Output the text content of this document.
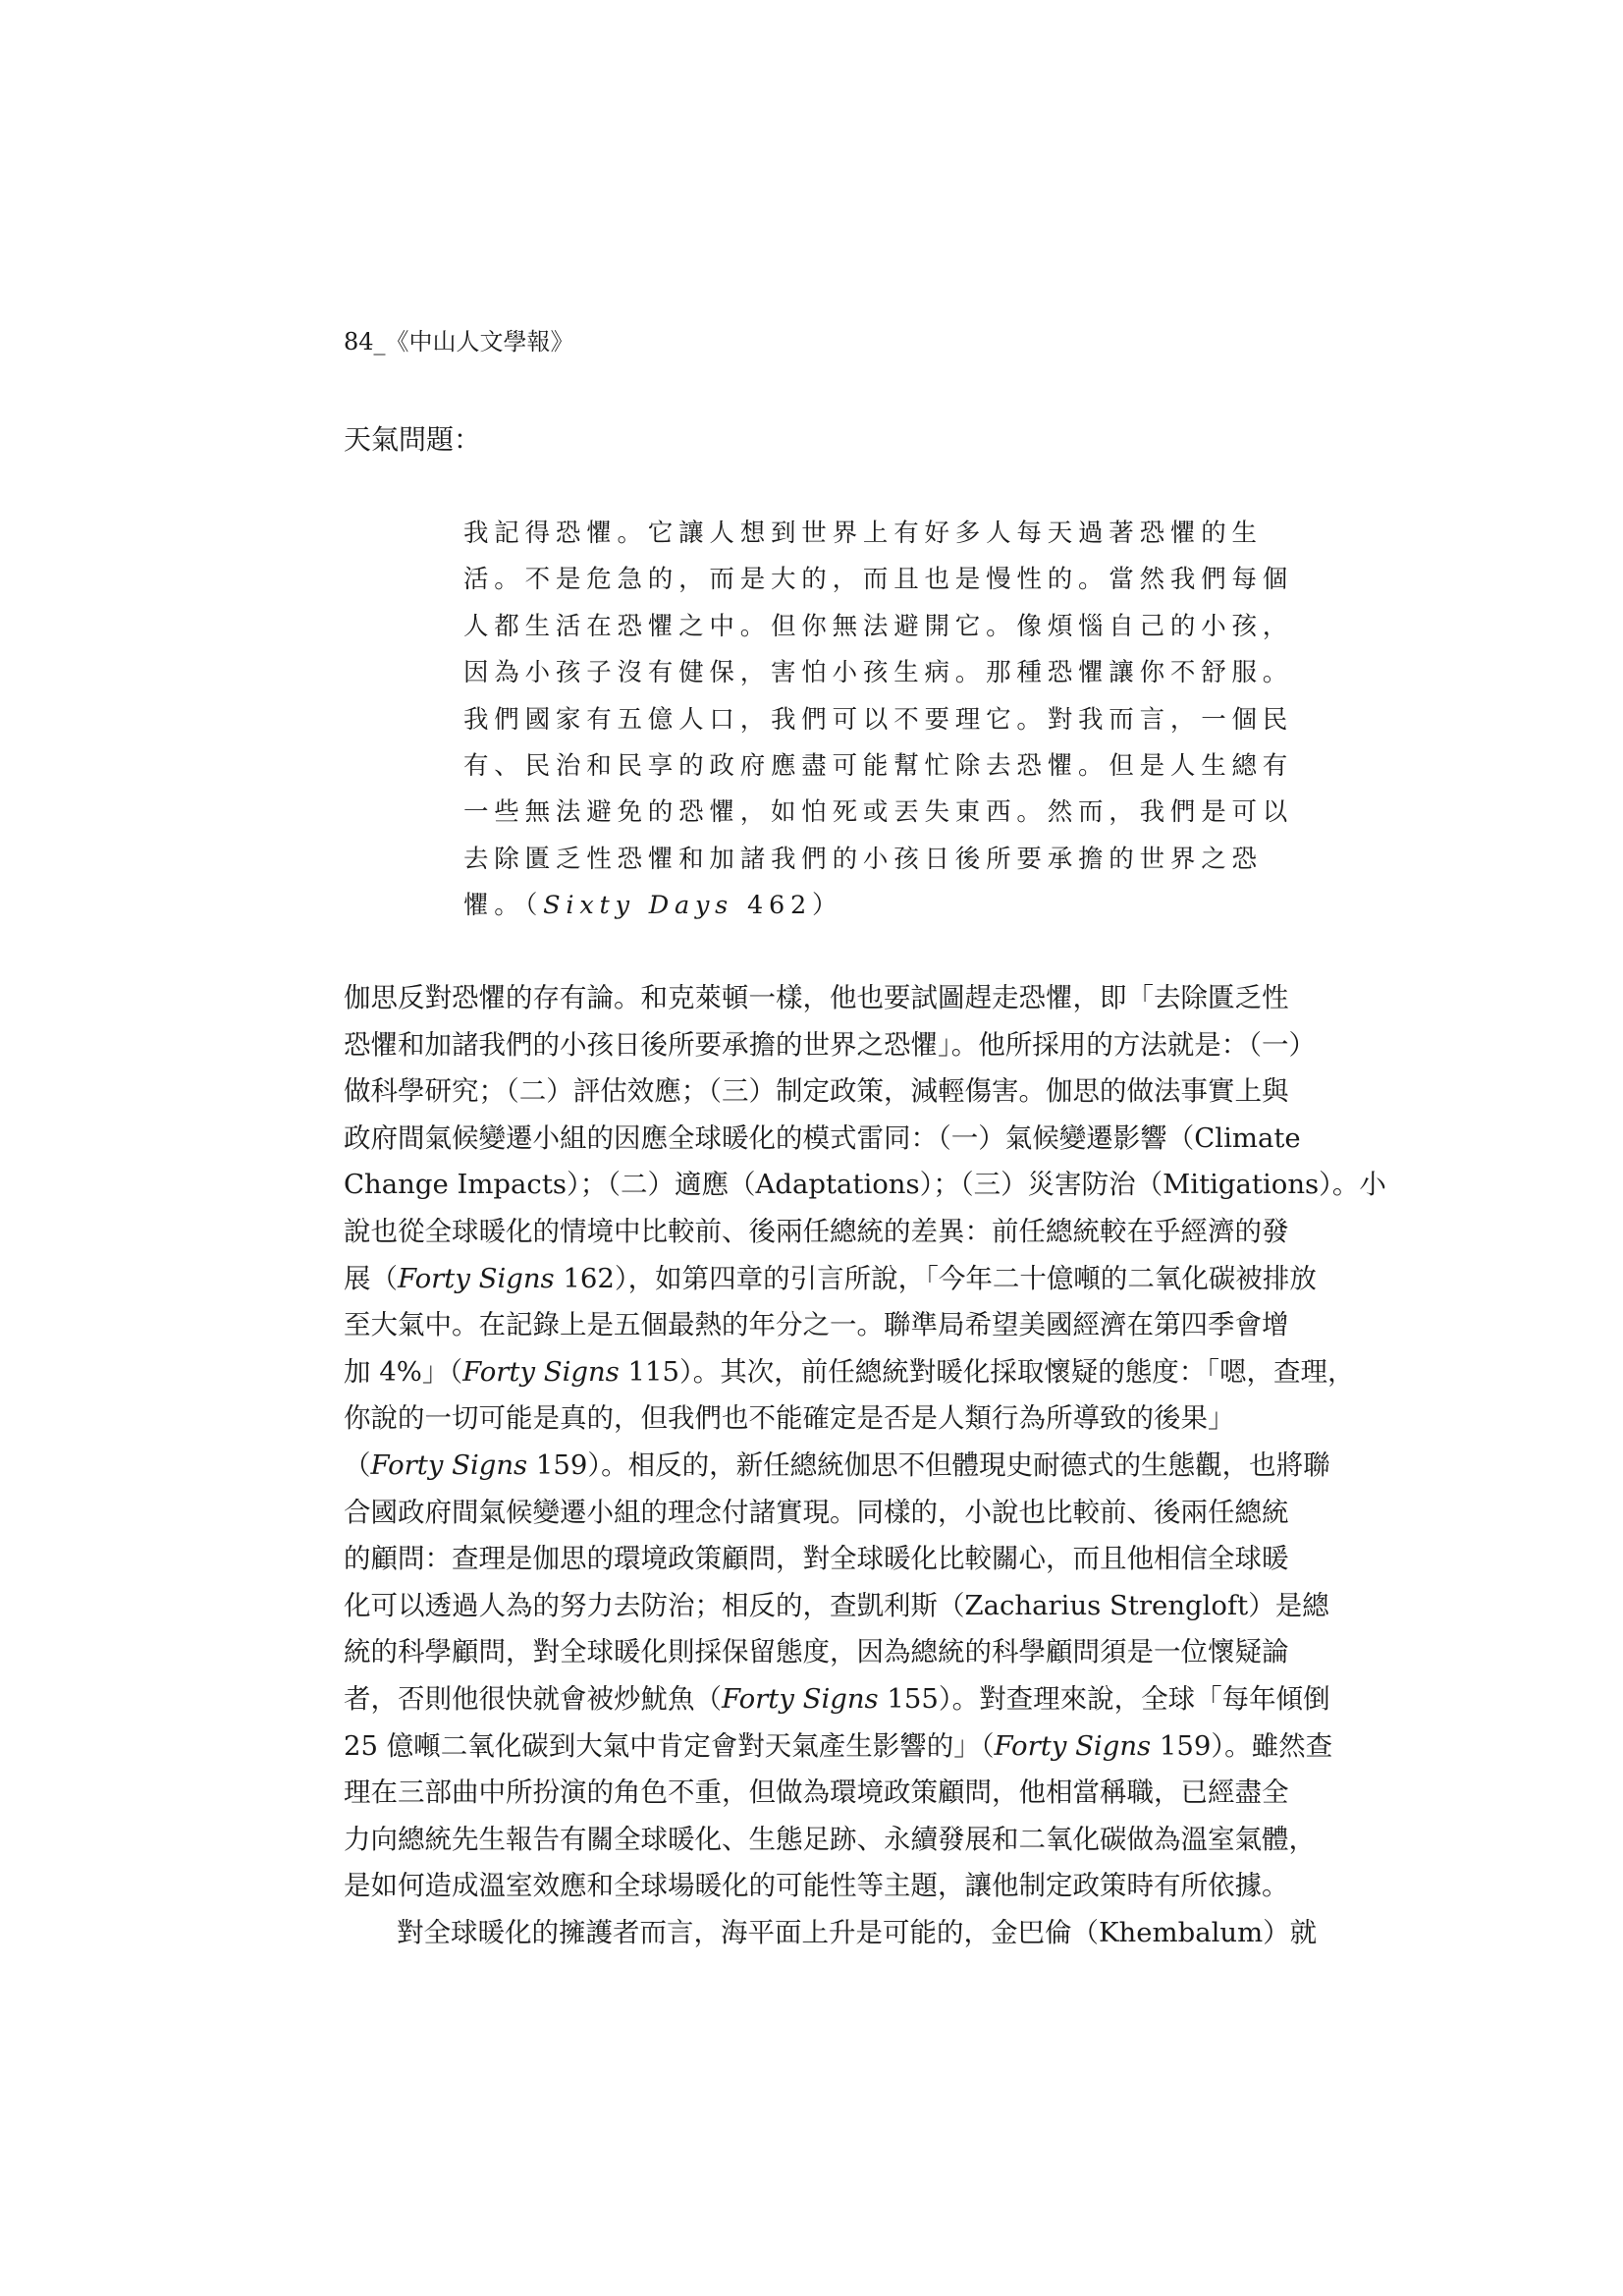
84_《中山人文學報》
天氣問題：
我記得恐懼。它讓人想到世界上有好多人每天過著恐懼的生
活。不是危急的，而是大的，而且也是慢性的。當然我們每個
人都生活在恐懼之中。但你無法避開它。像煩惱自己的小孩，
因為小孩子沒有健保，害怕小孩生病。那種恐懼讓你不舒服。
我們國家有五億人口，我們可以不要理它。對我而言，一個民
有、民治和民享的政府應盡可能幫忙除去恐懼。但是人生總有
一些無法避免的恐懼，如怕死或丟失東西。然而，我們是可以
去除匱乏性恐懼和加諸我們的小孩日後所要承擔的世界之恐
懼。（Sixty Days 462）
伽思反對恐懼的存有論。和克萊頓一樣，他也要試圖趕走恐懼，即「去除匱乏性
恐懼和加諸我們的小孩日後所要承擔的世界之恐懼」。他所採用的方法就是：（一）
做科學研究；（二）評估效應；（三）制定政策，減輕傷害。伽思的做法事實上與
政府間氣候變遷小組的因應全球暖化的模式雷同：（一）氣候變遷影響（Climate
Change Impacts）；（二）適應（Adaptations）；（三）災害防治（Mitigations）。小
說也從全球暖化的情境中比較前、後兩任總統的差異：前任總統較在乎經濟的發
展（Forty Signs 162），如第四章的引言所說，「今年二十億噸的二氧化碳被排放
至大氣中。在記錄上是五個最熱的年分之一。聯準局希望美國經濟在第四季會增
加 4%」（Forty Signs 115）。其次，前任總統對暖化採取懷疑的態度：「嗯，查理，
你說的一切可能是真的，但我們也不能確定是否是人類行為所導致的後果」
（Forty Signs 159）。相反的，新任總統伽思不但體現史耐德式的生態觀，也將聯
合國政府間氣候變遷小組的理念付諸實現。同樣的，小說也比較前、後兩任總統
的顧問：查理是伽思的環境政策顧問，對全球暖化比較關心，而且他相信全球暖
化可以透過人為的努力去防治；相反的，查凱利斯（Zacharius Strengloft）是總
統的科學顧問，對全球暖化則採保留態度，因為總統的科學顧問須是一位懷疑論
者，否則他很快就會被炒魷魚（Forty Signs 155）。對查理來說，全球「每年傾倒
25 億噸二氧化碳到大氣中肯定會對天氣產生影響的」（Forty Signs 159）。雖然查
理在三部曲中所扮演的角色不重，但做為環境政策顧問，他相當稱職，已經盡全
力向總統先生報告有關全球暖化、生態足跡、永續發展和二氧化碳做為溫室氣體，
是如何造成溫室效應和全球場暖化的可能性等主題，讓他制定政策時有所依據。
對全球暖化的擁護者而言，海平面上升是可能的，金巴倫（Khembalum）就
